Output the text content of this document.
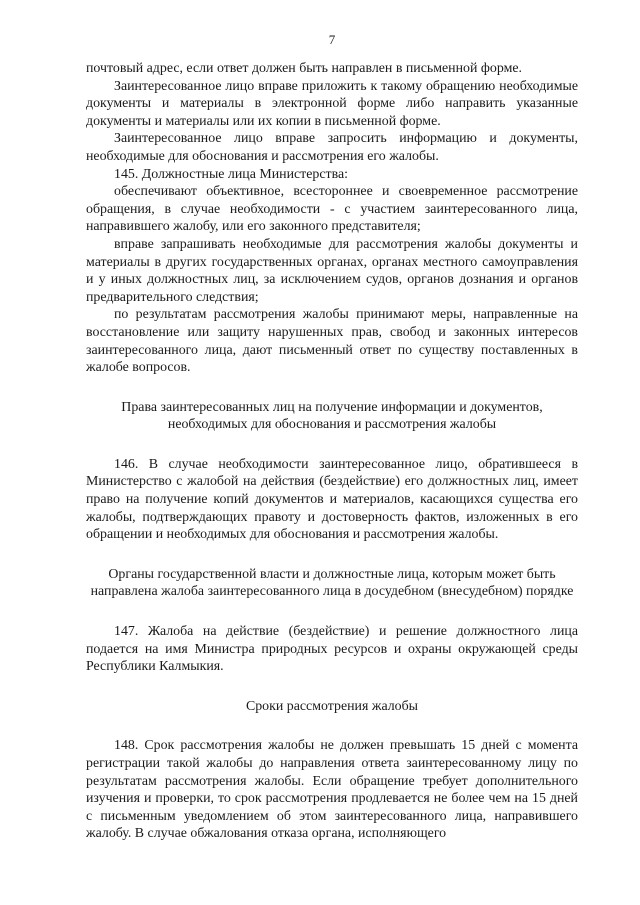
7

почтовый адрес, если ответ должен быть направлен в письменной форме.

Заинтересованное лицо вправе приложить к такому обращению необходимые документы и материалы в электронной форме либо направить указанные документы и материалы или их копии в письменной форме.

Заинтересованное лицо вправе запросить информацию и документы, необходимые для обоснования и рассмотрения его жалобы.

145. Должностные лица Министерства:

обеспечивают объективное, всестороннее и своевременное рассмотрение обращения, в случае необходимости - с участием заинтересованного лица, направившего жалобу, или его законного представителя;

вправе запрашивать необходимые для рассмотрения жалобы документы и материалы в других государственных органах, органах местного самоуправления и у иных должностных лиц, за исключением судов, органов дознания и органов предварительного следствия;

по результатам рассмотрения жалобы принимают меры, направленные на восстановление или защиту нарушенных прав, свобод и законных интересов заинтересованного лица, дают письменный ответ по существу поставленных в жалобе вопросов.

Права заинтересованных лиц на получение информации и документов, необходимых для обоснования и рассмотрения жалобы

146. В случае необходимости заинтересованное лицо, обратившееся в Министерство с жалобой на действия (бездействие) его должностных лиц, имеет право на получение копий документов и материалов, касающихся существа его жалобы, подтверждающих правоту и достоверность фактов, изложенных в его обращении и необходимых для обоснования и рассмотрения жалобы.

Органы государственной власти и должностные лица, которым может быть направлена жалоба заинтересованного лица в досудебном (внесудебном) порядке

147. Жалоба на действие (бездействие) и решение должностного лица подается на имя Министра природных ресурсов и охраны окружающей среды Республики Калмыкия.

Сроки рассмотрения жалобы

148. Срок рассмотрения жалобы не должен превышать 15 дней с момента регистрации такой жалобы до направления ответа заинтересованному лицу по результатам рассмотрения жалобы. Если обращение требует дополнительного изучения и проверки, то срок рассмотрения продлевается не более чем на 15 дней с письменным уведомлением об этом заинтересованного лица, направившего жалобу. В случае обжалования отказа органа, исполняющего
